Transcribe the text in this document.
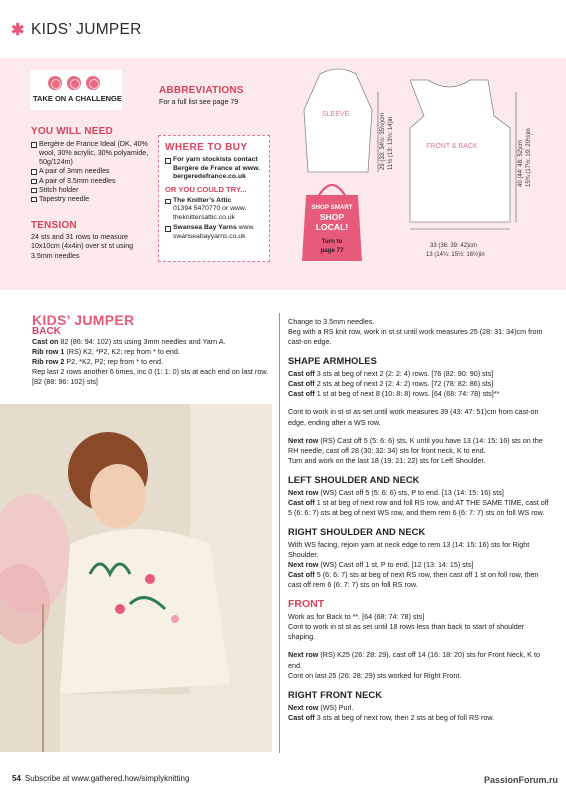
✱ KIDS’ JUMPER
TAKE ON A CHALLENGE
YOU WILL NEED
Bergère de France Ideal (DK, 40% wool, 30% acrylic, 30% polyamide, 50g/124m)
A pair of 3mm needles
A pair of 3.5mm needles
Stitch holder
Tapestry needle
TENSION

24 sts and 31 rows to measure 10x10cm (4x4in) over st st using 3.5mm needles

ABBREVIATIONS

For a full list see page 79

WHERE TO BUY
For yarn stockists contact Bergère de France at www. bergeredefrance.co.uk
OR YOU COULD TRY...
The Knitter’s Attic
01394 5470770 or www. theknittersattic.co.uk
Swansea Bay Yarns www. swanseabayyarns.co.uk
SLEEVE	29 (33: 34½: 35½)cm 11½ (13: 13½: 14)in	FRONT & BACK	40 (44: 48: 52)cm 15¾ (17½: 19: 20½)in
33 (36: 39: 42)cm
13 (14¼: 15½: 16½)in
SHOP SMART
SHOP
LOCAL!
Turn to
page 77
KIDS’ JUMPER
BACK

Cast on 82 (86: 94: 102) sts using 3mm needles and Yarn A.

Rib row 1 (RS) K2, *P2, K2; rep from * to end.

Rib row 2 P2, *K2, P2; rep from * to end.

Rep last 2 rows another 6 times, inc 0 (1: 1: 0) sts at each end on last row. [82 (88: 96: 102) sts]

Change to 3.5mm needles.

Beg with a RS knit row, work in st st until work measures 25 (28: 31: 34)cm from cast-on edge.

SHAPE ARMHOLES

Cast off 3 sts at beg of next 2 (2: 2: 4) rows. [76 (82: 90: 90) sts]

Cast off 2 sts at beg of next 2 (2: 4: 2) rows. [72 (78: 82: 86) sts]

Cast off 1 st at beg of next 8 (10: 8: 8) rows. [64 (68: 74: 78) sts]**

Cont to work in st st as set until work measures 39 (43: 47: 51)cm from cast-on edge, ending after a WS row.

Next row (RS) Cast off 5 (5: 6: 6) sts, K until you have 13 (14: 15: 16) sts on the RH needle, cast off 28 (30: 32: 34) sts for front neck, K to end.

Turn and work on the last 18 (19: 21: 22) sts for Left Shoulder.

LEFT SHOULDER AND NECK

Next row (WS) Cast off 5 (5: 6: 6) sts, P to end. [13 (14: 15: 16) sts]

Cast off 1 st at beg of next row and foll RS row, and AT THE SAME TIME, cast off 5 (6: 6: 7) sts at beg of next WS row, and them rem 6 (6: 7: 7) sts on foll WS row.

RIGHT SHOULDER AND NECK

With WS facing, rejoin yarn at neck edge to rem 13 (14: 15: 16) sts for Right Shoulder.

Next row (WS) Cast off 1 st, P to end. [12 (13: 14: 15) sts]

Cast off 5 (6: 6: 7) sts at beg of next RS row, then cast off 1 st on foll row, then cast off rem 6 (6: 7: 7) sts on foll RS row.

FRONT

Work as for Back to **. [64 (68: 74: 78) sts]

Cont to work in st st as set until 18 rows less than back to start of shoulder shaping.

Next row (RS) K25 (26: 28: 29), cast off 14 (16: 18: 20) sts for Front Neck, K to end.

Cont on last 25 (26: 28: 29) sts worked for Right Front.

RIGHT FRONT NECK

Next row (WS) Purl.

Cast off 3 sts at beg of next row, then 2 sts at beg of foll RS row.

54 Subscribe at www.gathered.how/simplyknitting	PassionForum.ru
